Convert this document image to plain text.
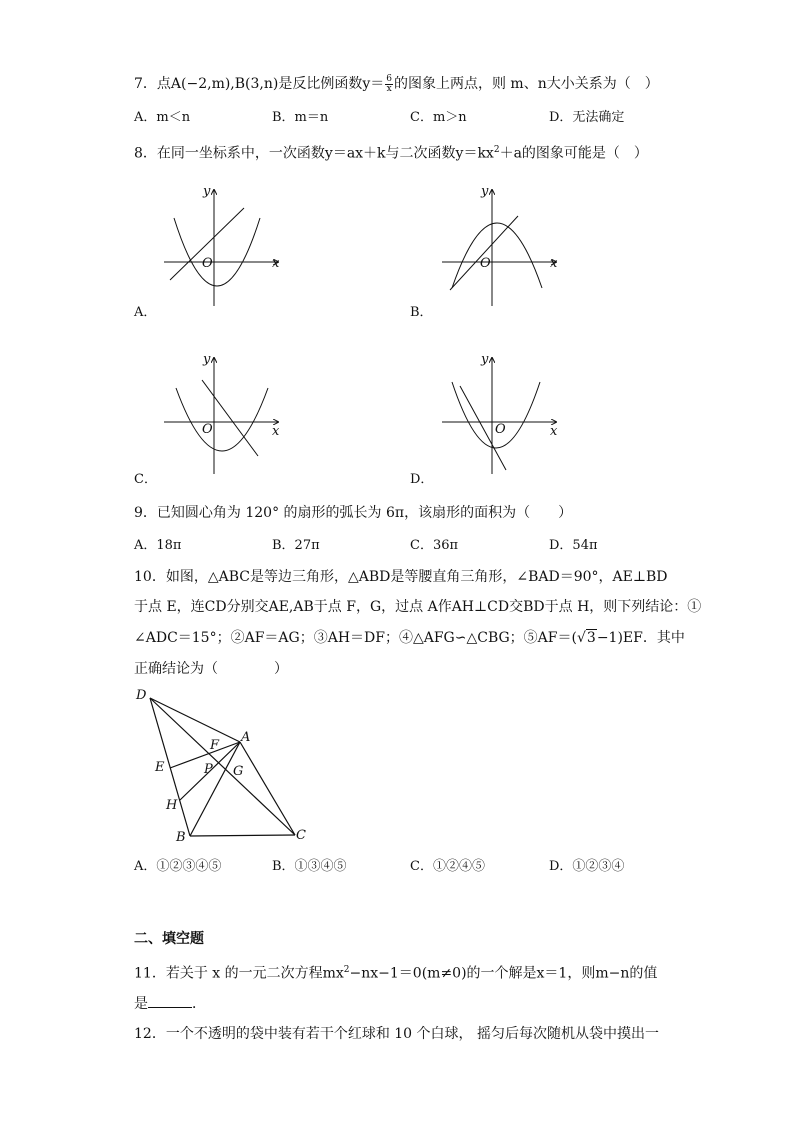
7．点A(−2,m),B(3,n)是反比例函数$y= \frac{6}{x}$ 的图象上两点，则 m、n大小关系为（　）
A．m＜n	B．m＝n	C．m＞n	D．无法确定
8．在同一坐标系中，一次函数y＝ax＋k与二次函数$y=kx^2+a$的图象可能是（　）
y
x
O
A．
y
x
O
B．
y
x
O
C．
y
x
O
D．
9．已知圆心角为 120° 的扇形的弧长为 6π，该扇形的面积为（　　）
A．18π	B．27π	C．36π	D．54π
10．如图，△ABC是等边三角形，△ABD是等腰直角三角形，∠BAD＝90°，AE⊥BD
于点 E，连CD分别交AE,AB于点 F，G，过点 A作AH⊥CD交BD于点 H，则下列结论：①
∠ADC＝15°；②AF＝AG；③AH＝DF；④△AFG∽△CBG；⑤AF＝(√3−1)EF．其中
正确结论为（　　　　）
D
A
F
E	P G
H
B	C
A．①②③④⑤	B．①③④⑤	C．①②④⑤	D．①②③④
二、填空题
11．若关于 x 的一元二次方程$mx^2-nx-1=0(m\ne 0)$的一个解是x＝1，则m−n的值
是	．
12．一个不透明的袋中装有若干个红球和 10 个白球， 摇匀后每次随机从袋中摸出一
